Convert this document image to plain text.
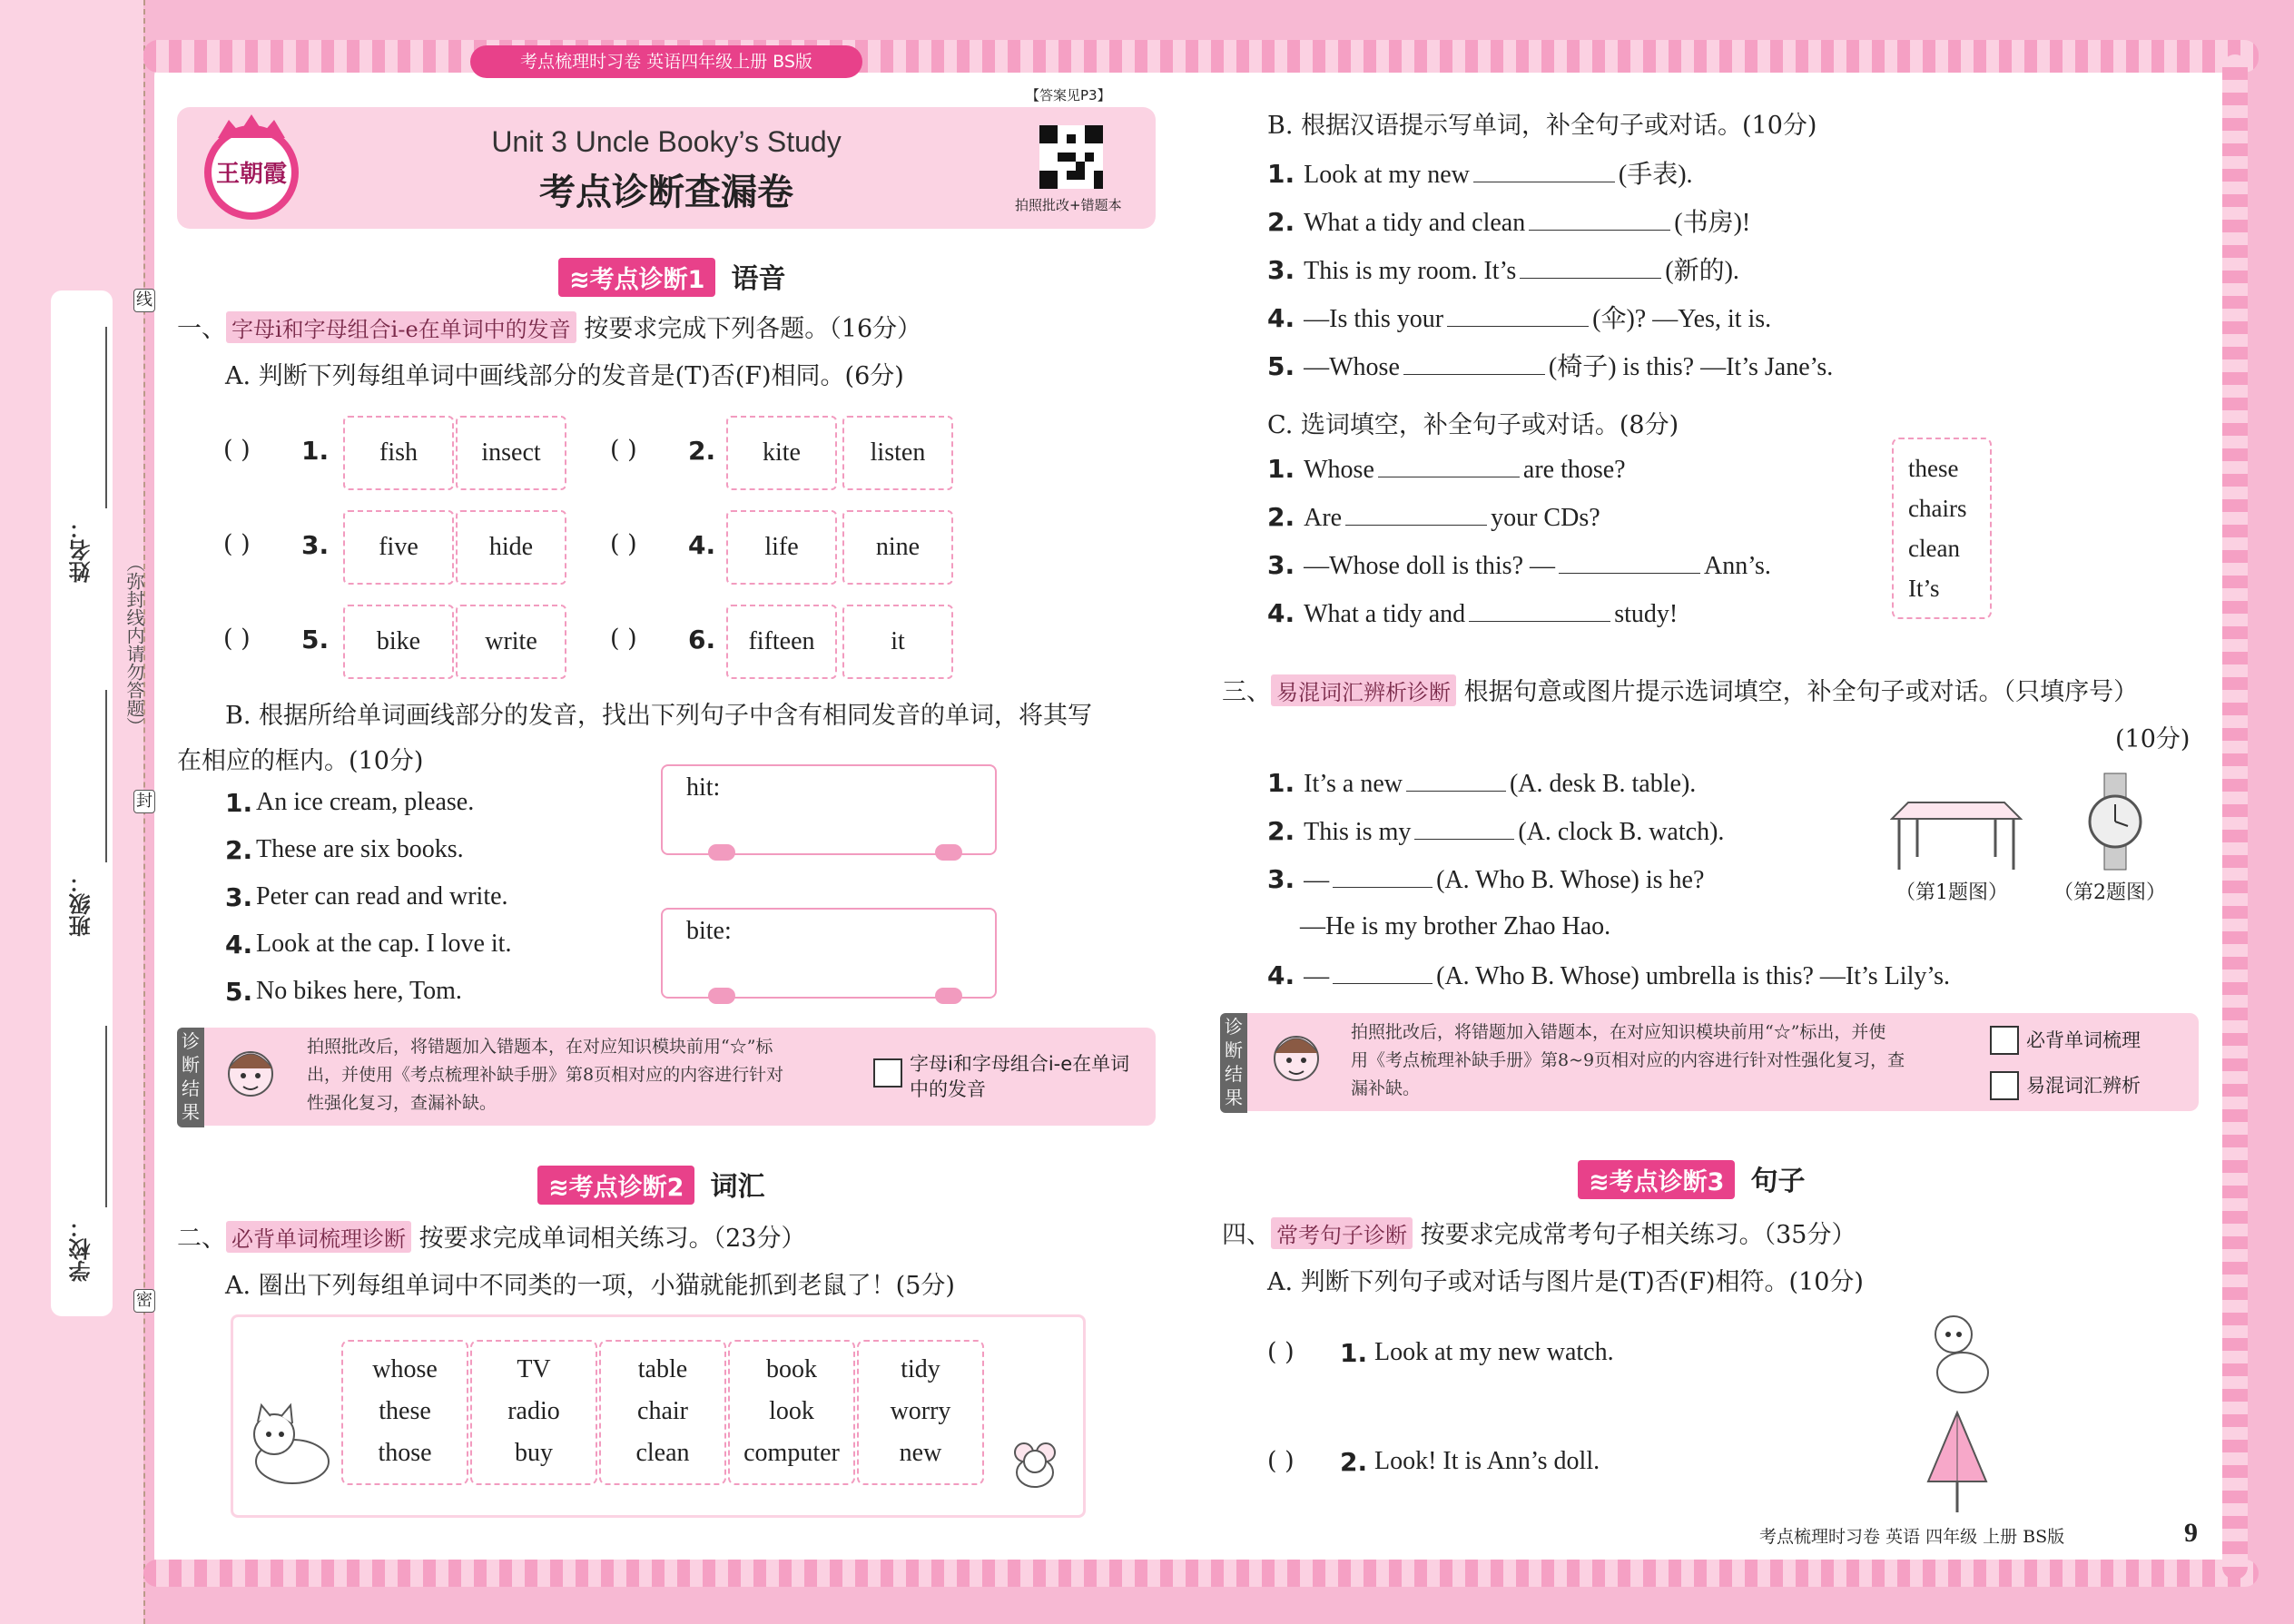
考点梳理时习卷 英语四年级上册 BS版
姓名：
班级：
学校：
（弥封线内请勿答题）
线
封
密
王朝霞
Unit 3 Uncle Booky’s Study
考点诊断查漏卷
【答案见P3】
拍照批改+错题本
≋考点诊断1 语音
一、 字母i和字母组合i-e在单词中的发音 按要求完成下列各题。（16分）
A. 判断下列每组单词中画线部分的发音是(T)否(F)相同。(6分)
( ) 1.	fish	insect	( ) 2.	kite	listen
( ) 3.	five	hide	( ) 4.	life	nine
( ) 5.	bike	write	( ) 6.	fifteen	it
B. 根据所给单词画线部分的发音，找出下列句子中含有相同发音的单词，将其写
在相应的框内。(10分)
1. An ice cream, please.
2. These are six books.
3. Peter can read and write.
4. Look at the cap. I love it.
5. No bikes here, Tom.
hit:
bite:
诊断结果
拍照批改后，将错题加入错题本，在对应知识模块前用“☆”标
出，并使用《考点梳理补缺手册》第8页相对应的内容进行针对
性强化复习，查漏补缺。
字母i和字母组合i-e在单词中的发音
≋考点诊断2 词汇
二、 必背单词梳理诊断 按要求完成单词相关练习。（23分）
A. 圈出下列每组单词中不同类的一项，小猫就能抓到老鼠了！(5分)
whose
these
those
TV
radio
buy
table
chair
clean
book
look
computer
tidy
worry
new
B. 根据汉语提示写单词，补全句子或对话。(10分)
1. Look at my new	(手表).
2. What a tidy and clean	(书房)!
3. This is my room. It’s	(新的).
4. —Is this your	(伞)? —Yes, it is.
5. —Whose	(椅子) is this? —It’s Jane’s.
C. 选词填空，补全句子或对话。(8分)
1. Whose	are those?
2. Are	your CDs?
3. —Whose doll is this? —	Ann’s.
4. What a tidy and	study!
these
chairs
clean
It’s
三、 易混词汇辨析诊断 根据句意或图片提示选词填空，补全句子或对话。（只填序号）
(10分)
1. It’s a new	(A. desk B. table).
2. This is my	(A. clock B. watch).
3. —	(A. Who B. Whose) is he?
—He is my brother Zhao Hao.
4. —	(A. Who B. Whose) umbrella is this? —It’s Lily’s.
（第1题图） （第2题图）
诊断结果
拍照批改后，将错题加入错题本，在对应知识模块前用“☆”标出，并使
用《考点梳理补缺手册》第8~9页相对应的内容进行针对性强化复习，查
漏补缺。
必背单词梳理
易混词汇辨析
≋考点诊断3 句子
四、 常考句子诊断 按要求完成常考句子相关练习。（35分）
A. 判断下列句子或对话与图片是(T)否(F)相符。(10分)
( ) 1. Look at my new watch.
( ) 2. Look! It is Ann’s doll.
考点梳理时习卷 英语 四年级 上册 BS版	9
